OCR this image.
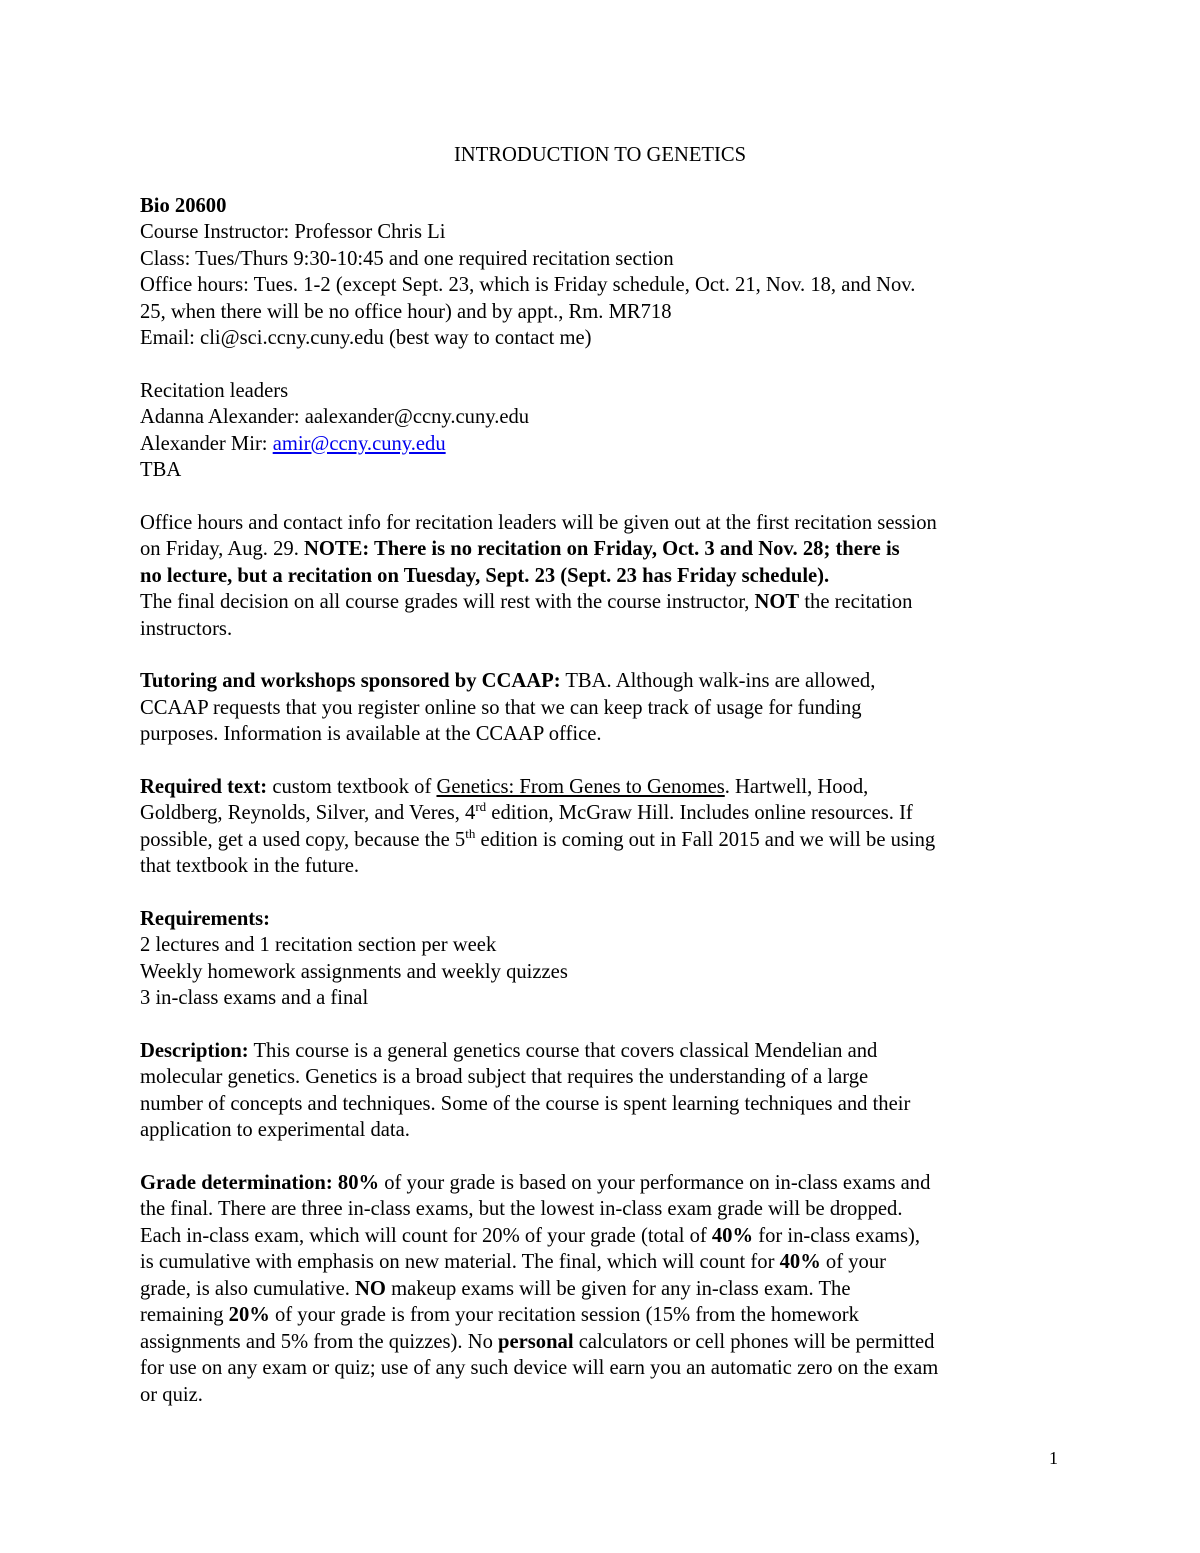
INTRODUCTION TO GENETICS

Bio 20600

Course Instructor: Professor Chris Li

Class: Tues/Thurs 9:30-10:45 and one required recitation section

Office hours: Tues. 1-2 (except Sept. 23, which is Friday schedule, Oct. 21, Nov. 18, and Nov.

25, when there will be no office hour) and by appt., Rm. MR718

Email: cli@sci.ccny.cuny.edu (best way to contact me)

Recitation leaders

Adanna Alexander: aalexander@ccny.cuny.edu

Alexander Mir: amir@ccny.cuny.edu

TBA

Office hours and contact info for recitation leaders will be given out at the first recitation session

on Friday, Aug. 29. NOTE: There is no recitation on Friday, Oct. 3 and Nov. 28; there is

no lecture, but a recitation on Tuesday, Sept. 23 (Sept. 23 has Friday schedule).

The final decision on all course grades will rest with the course instructor, NOT the recitation

instructors.

Tutoring and workshops sponsored by CCAAP: TBA. Although walk-ins are allowed,

CCAAP requests that you register online so that we can keep track of usage for funding

purposes. Information is available at the CCAAP office.

Required text: custom textbook of Genetics: From Genes to Genomes. Hartwell, Hood,

Goldberg, Reynolds, Silver, and Veres, 4rd edition, McGraw Hill. Includes online resources. If

possible, get a used copy, because the 5th edition is coming out in Fall 2015 and we will be using

that textbook in the future.

Requirements:

2 lectures and 1 recitation section per week

Weekly homework assignments and weekly quizzes

3 in-class exams and a final

Description: This course is a general genetics course that covers classical Mendelian and

molecular genetics. Genetics is a broad subject that requires the understanding of a large

number of concepts and techniques. Some of the course is spent learning techniques and their

application to experimental data.

Grade determination: 80% of your grade is based on your performance on in-class exams and

the final. There are three in-class exams, but the lowest in-class exam grade will be dropped.

Each in-class exam, which will count for 20% of your grade (total of 40% for in-class exams),

is cumulative with emphasis on new material. The final, which will count for 40% of your

grade, is also cumulative. NO makeup exams will be given for any in-class exam. The

remaining 20% of your grade is from your recitation session (15% from the homework

assignments and 5% from the quizzes). No personal calculators or cell phones will be permitted

for use on any exam or quiz; use of any such device will earn you an automatic zero on the exam

or quiz.

1
